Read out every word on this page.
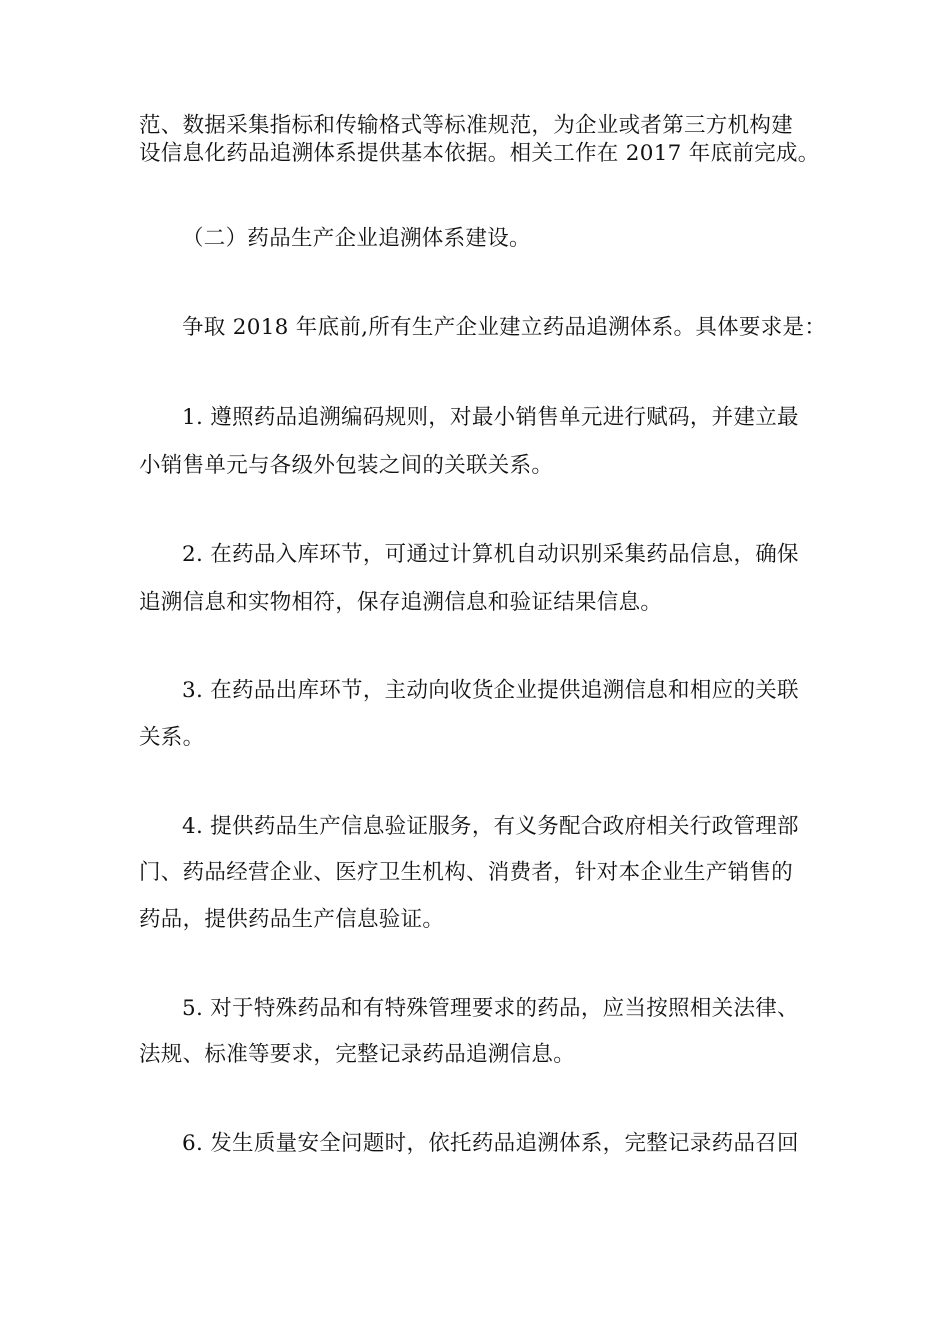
范、数据采集指标和传输格式等标准规范，为企业或者第三方机构建
设信息化药品追溯体系提供基本依据。相关工作在 2017 年底前完成。
（二）药品生产企业追溯体系建设。
争取 2018 年底前,所有生产企业建立药品追溯体系。具体要求是：
1. 遵照药品追溯编码规则，对最小销售单元进行赋码，并建立最
小销售单元与各级外包装之间的关联关系。
2. 在药品入库环节，可通过计算机自动识别采集药品信息，确保
追溯信息和实物相符，保存追溯信息和验证结果信息。
3. 在药品出库环节，主动向收货企业提供追溯信息和相应的关联
关系。
4. 提供药品生产信息验证服务，有义务配合政府相关行政管理部
门、药品经营企业、医疗卫生机构、消费者，针对本企业生产销售的
药品，提供药品生产信息验证。
5. 对于特殊药品和有特殊管理要求的药品，应当按照相关法律、
法规、标准等要求，完整记录药品追溯信息。
6. 发生质量安全问题时，依托药品追溯体系，完整记录药品召回
